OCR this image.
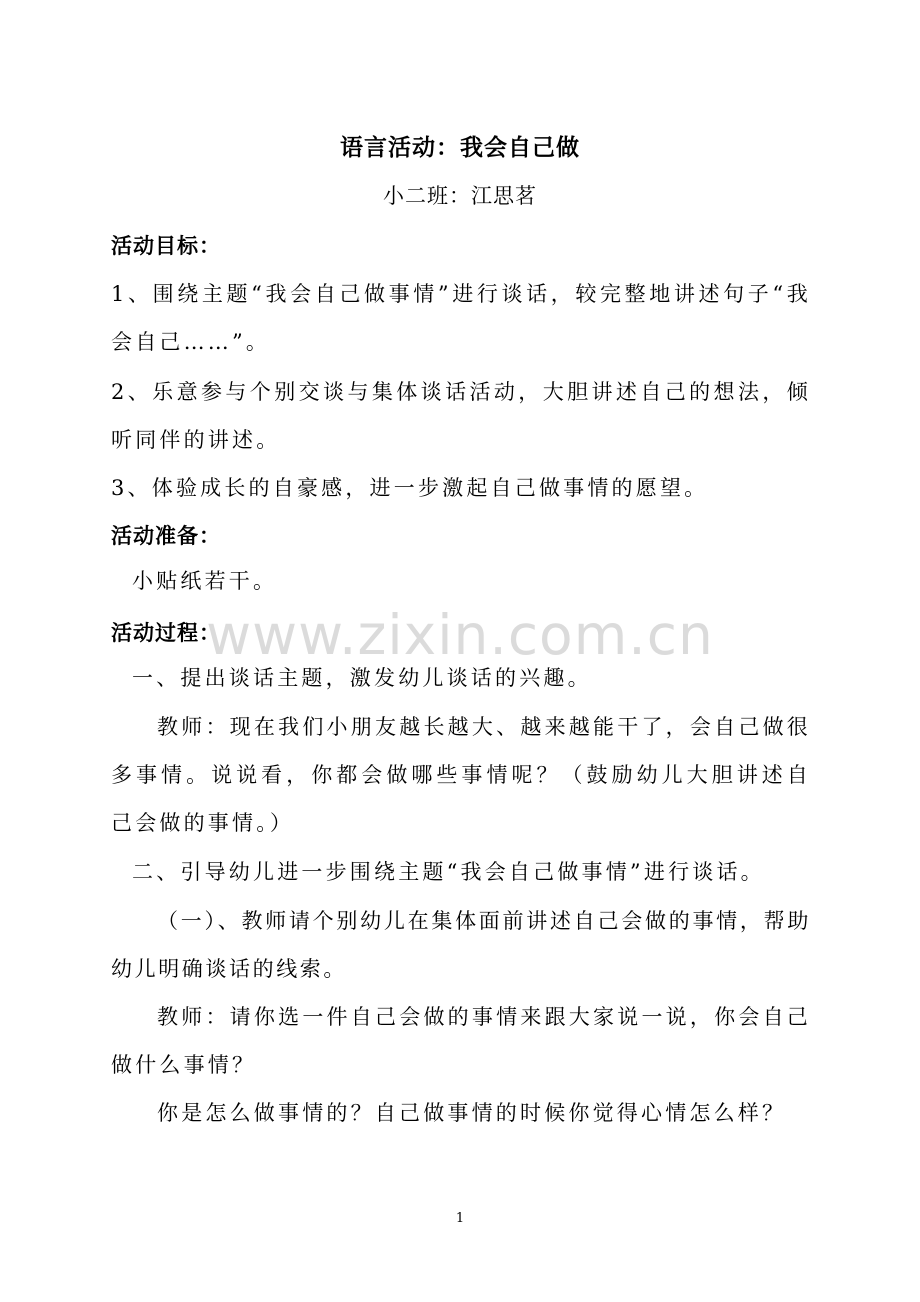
语言活动：我会自己做
小二班：江思茗
活动目标：
1、围绕主题“我会自己做事情”进行谈话，较完整地讲述句子“我会自己……”。
2、乐意参与个别交谈与集体谈话活动，大胆讲述自己的想法，倾听同伴的讲述。
3、体验成长的自豪感，进一步激起自己做事情的愿望。
活动准备：
小贴纸若干。
活动过程：
www.zixin.com.cn
一、提出谈话主题，激发幼儿谈话的兴趣。
教师：现在我们小朋友越长越大、越来越能干了，会自己做很多事情。说说看，你都会做哪些事情呢？（鼓励幼儿大胆讲述自己会做的事情。）
二、引导幼儿进一步围绕主题“我会自己做事情”进行谈话。
（一）、教师请个别幼儿在集体面前讲述自己会做的事情，帮助幼儿明确谈话的线索。
教师：请你选一件自己会做的事情来跟大家说一说，你会自己做什么事情？
你是怎么做事情的？自己做事情的时候你觉得心情怎么样？
1
